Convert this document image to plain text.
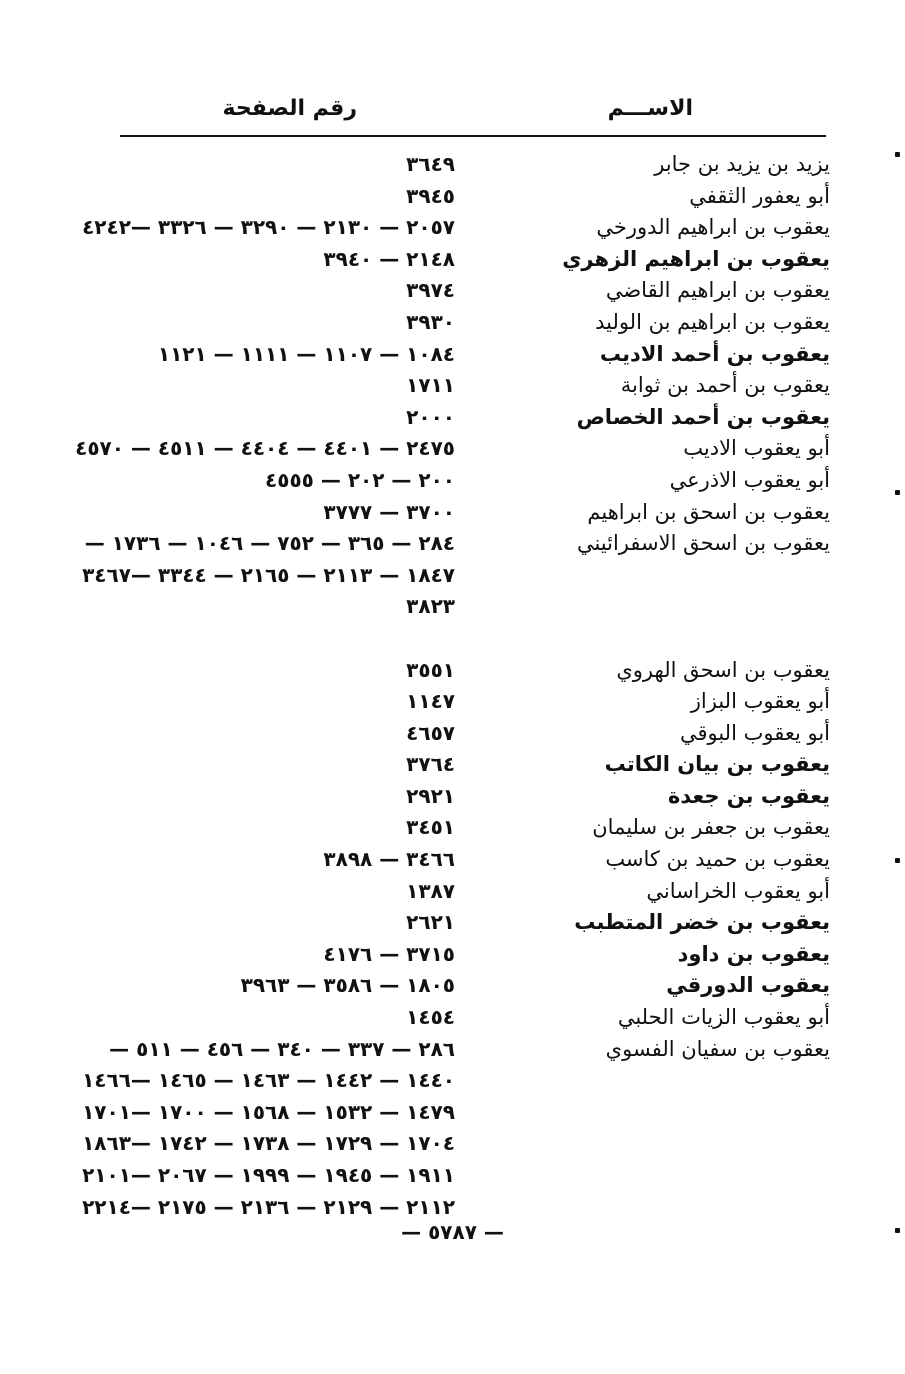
الاســـم
رقم الصفحة
يزيد بن يزيد بن جابر
٣٦٤٩
أبو يعفور الثقفي
٣٩٤٥
يعقوب بن ابراهيم الدورخي
٢٠٥٧ — ٢١٣٠ — ٣٢٩٠ — ٣٣٢٦ —٤٢٤٢
يعقوب بن ابراهيم الزهري
٢١٤٨ — ٣٩٤٠
يعقوب بن ابراهيم القاضي
٣٩٧٤
يعقوب بن ابراهيم بن الوليد
٣٩٣٠
يعقوب بن أحمد الاديب
١٠٨٤ — ١١٠٧ — ١١١١ — ١١٢١
يعقوب بن أحمد بن ثوابة
١٧١١
يعقوب بن أحمد الخصاص
٢٠٠٠
أبو يعقوب الاديب
٢٤٧٥ — ٤٤٠١ — ٤٤٠٤ — ٤٥١١ — ٤٥٧٠
أبو يعقوب الاذرعي
٢٠٠ — ٢٠٢ — ٤٥٥٥
يعقوب بن اسحق بن ابراهيم
٣٧٠٠ — ٣٧٧٧
يعقوب بن اسحق الاسفرائيني
٢٨٤ — ٣٦٥ — ٧٥٢ — ١٠٤٦ — ١٧٣٦ —
١٨٤٧ — ٢١١٣ — ٢١٦٥ — ٣٣٤٤ —٣٤٦٧
٣٨٢٣
يعقوب بن اسحق الهروي
٣٥٥١
أبو يعقوب البزاز
١١٤٧
أبو يعقوب البوقي
٤٦٥٧
يعقوب بن بيان الكاتب
٣٧٦٤
يعقوب بن جعدة
٢٩٢١
يعقوب بن جعفر بن سليمان
٣٤٥١
يعقوب بن حميد بن كاسب
٣٤٦٦ — ٣٨٩٨
أبو يعقوب الخراساني
١٣٨٧
يعقوب بن خضر المتطبب
٢٦٢١
يعقوب بن داود
٣٧١٥ — ٤١٧٦
يعقوب الدورقي
١٨٠٥ — ٣٥٨٦ — ٣٩٦٣
أبو يعقوب الزيات الحلبي
١٤٥٤
يعقوب بن سفيان الفسوي
٢٨٦ — ٣٣٧ — ٣٤٠ — ٤٥٦ — ٥١١ —
١٤٤٠ — ١٤٤٢ — ١٤٦٣ — ١٤٦٥ —١٤٦٦
١٤٧٩ — ١٥٣٢ — ١٥٦٨ — ١٧٠٠ —١٧٠١
١٧٠٤ — ١٧٢٩ — ١٧٣٨ — ١٧٤٢ —١٨٦٣
١٩١١ — ١٩٤٥ — ١٩٩٩ — ٢٠٦٧ —٢١٠١
٢١١٢ — ٢١٢٩ — ٢١٣٦ — ٢١٧٥ —٢٢١٤
— ٥٧٨٧ —
